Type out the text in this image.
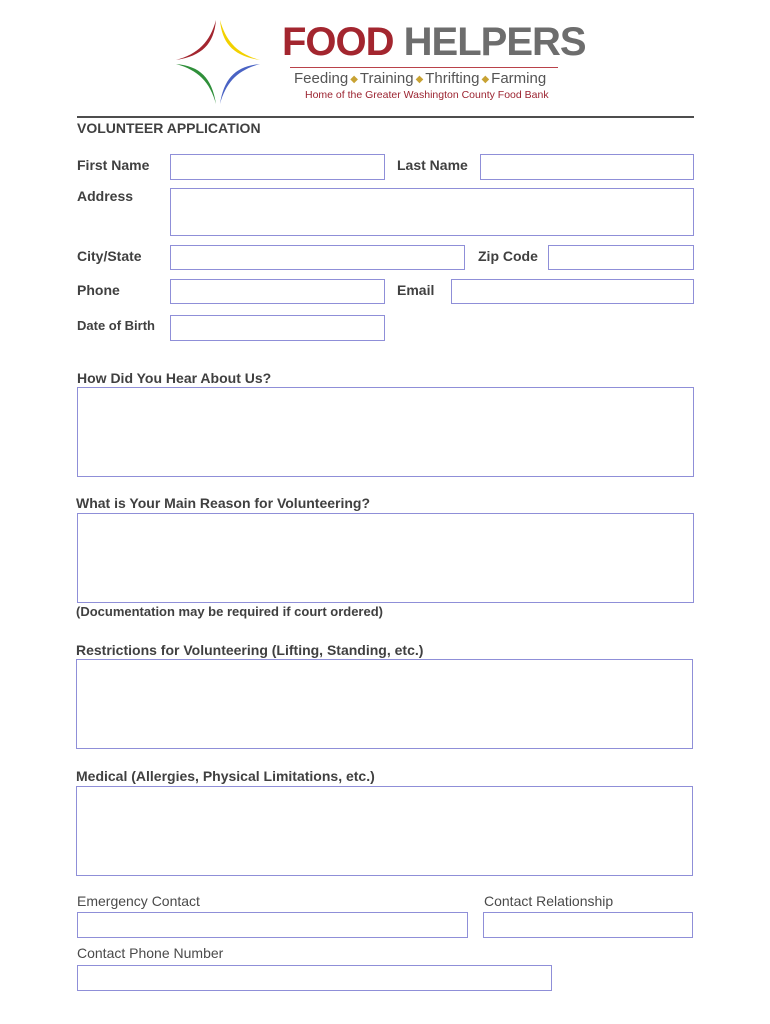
FOOD HELPERS
Feeding ◆ Training ◆ Thrifting ◆ Farming
Home of the Greater Washington County Food Bank
VOLUNTEER APPLICATION
First Name	Last Name
Address
City/State	Zip Code
Phone	Email
Date of Birth
How Did You Hear About Us?
What is Your Main Reason for Volunteering?
(Documentation may be required if court ordered)
Restrictions for Volunteering (Lifting, Standing, etc.)
Medical (Allergies, Physical Limitations, etc.)
Emergency Contact	Contact Relationship
Contact Phone Number
